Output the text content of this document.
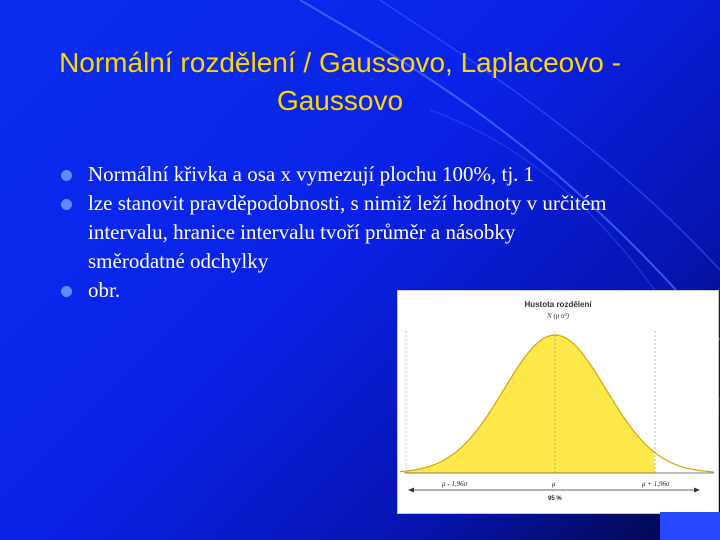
Normální rozdělení / Gaussovo, Laplaceovo - Gaussovo
Normální křivka a osa x vymezují plochu 100%, tj. 1
lze stanovit pravděpodobnosti, s nimiž leží hodnoty v určitém intervalu, hranice intervalu tvoří průměr a násobky směrodatné odchylky
obr.
Hustota rozdělení
N (μ σ²)
μ - 1,96σ	μ	μ + 1,96σ
95 %
